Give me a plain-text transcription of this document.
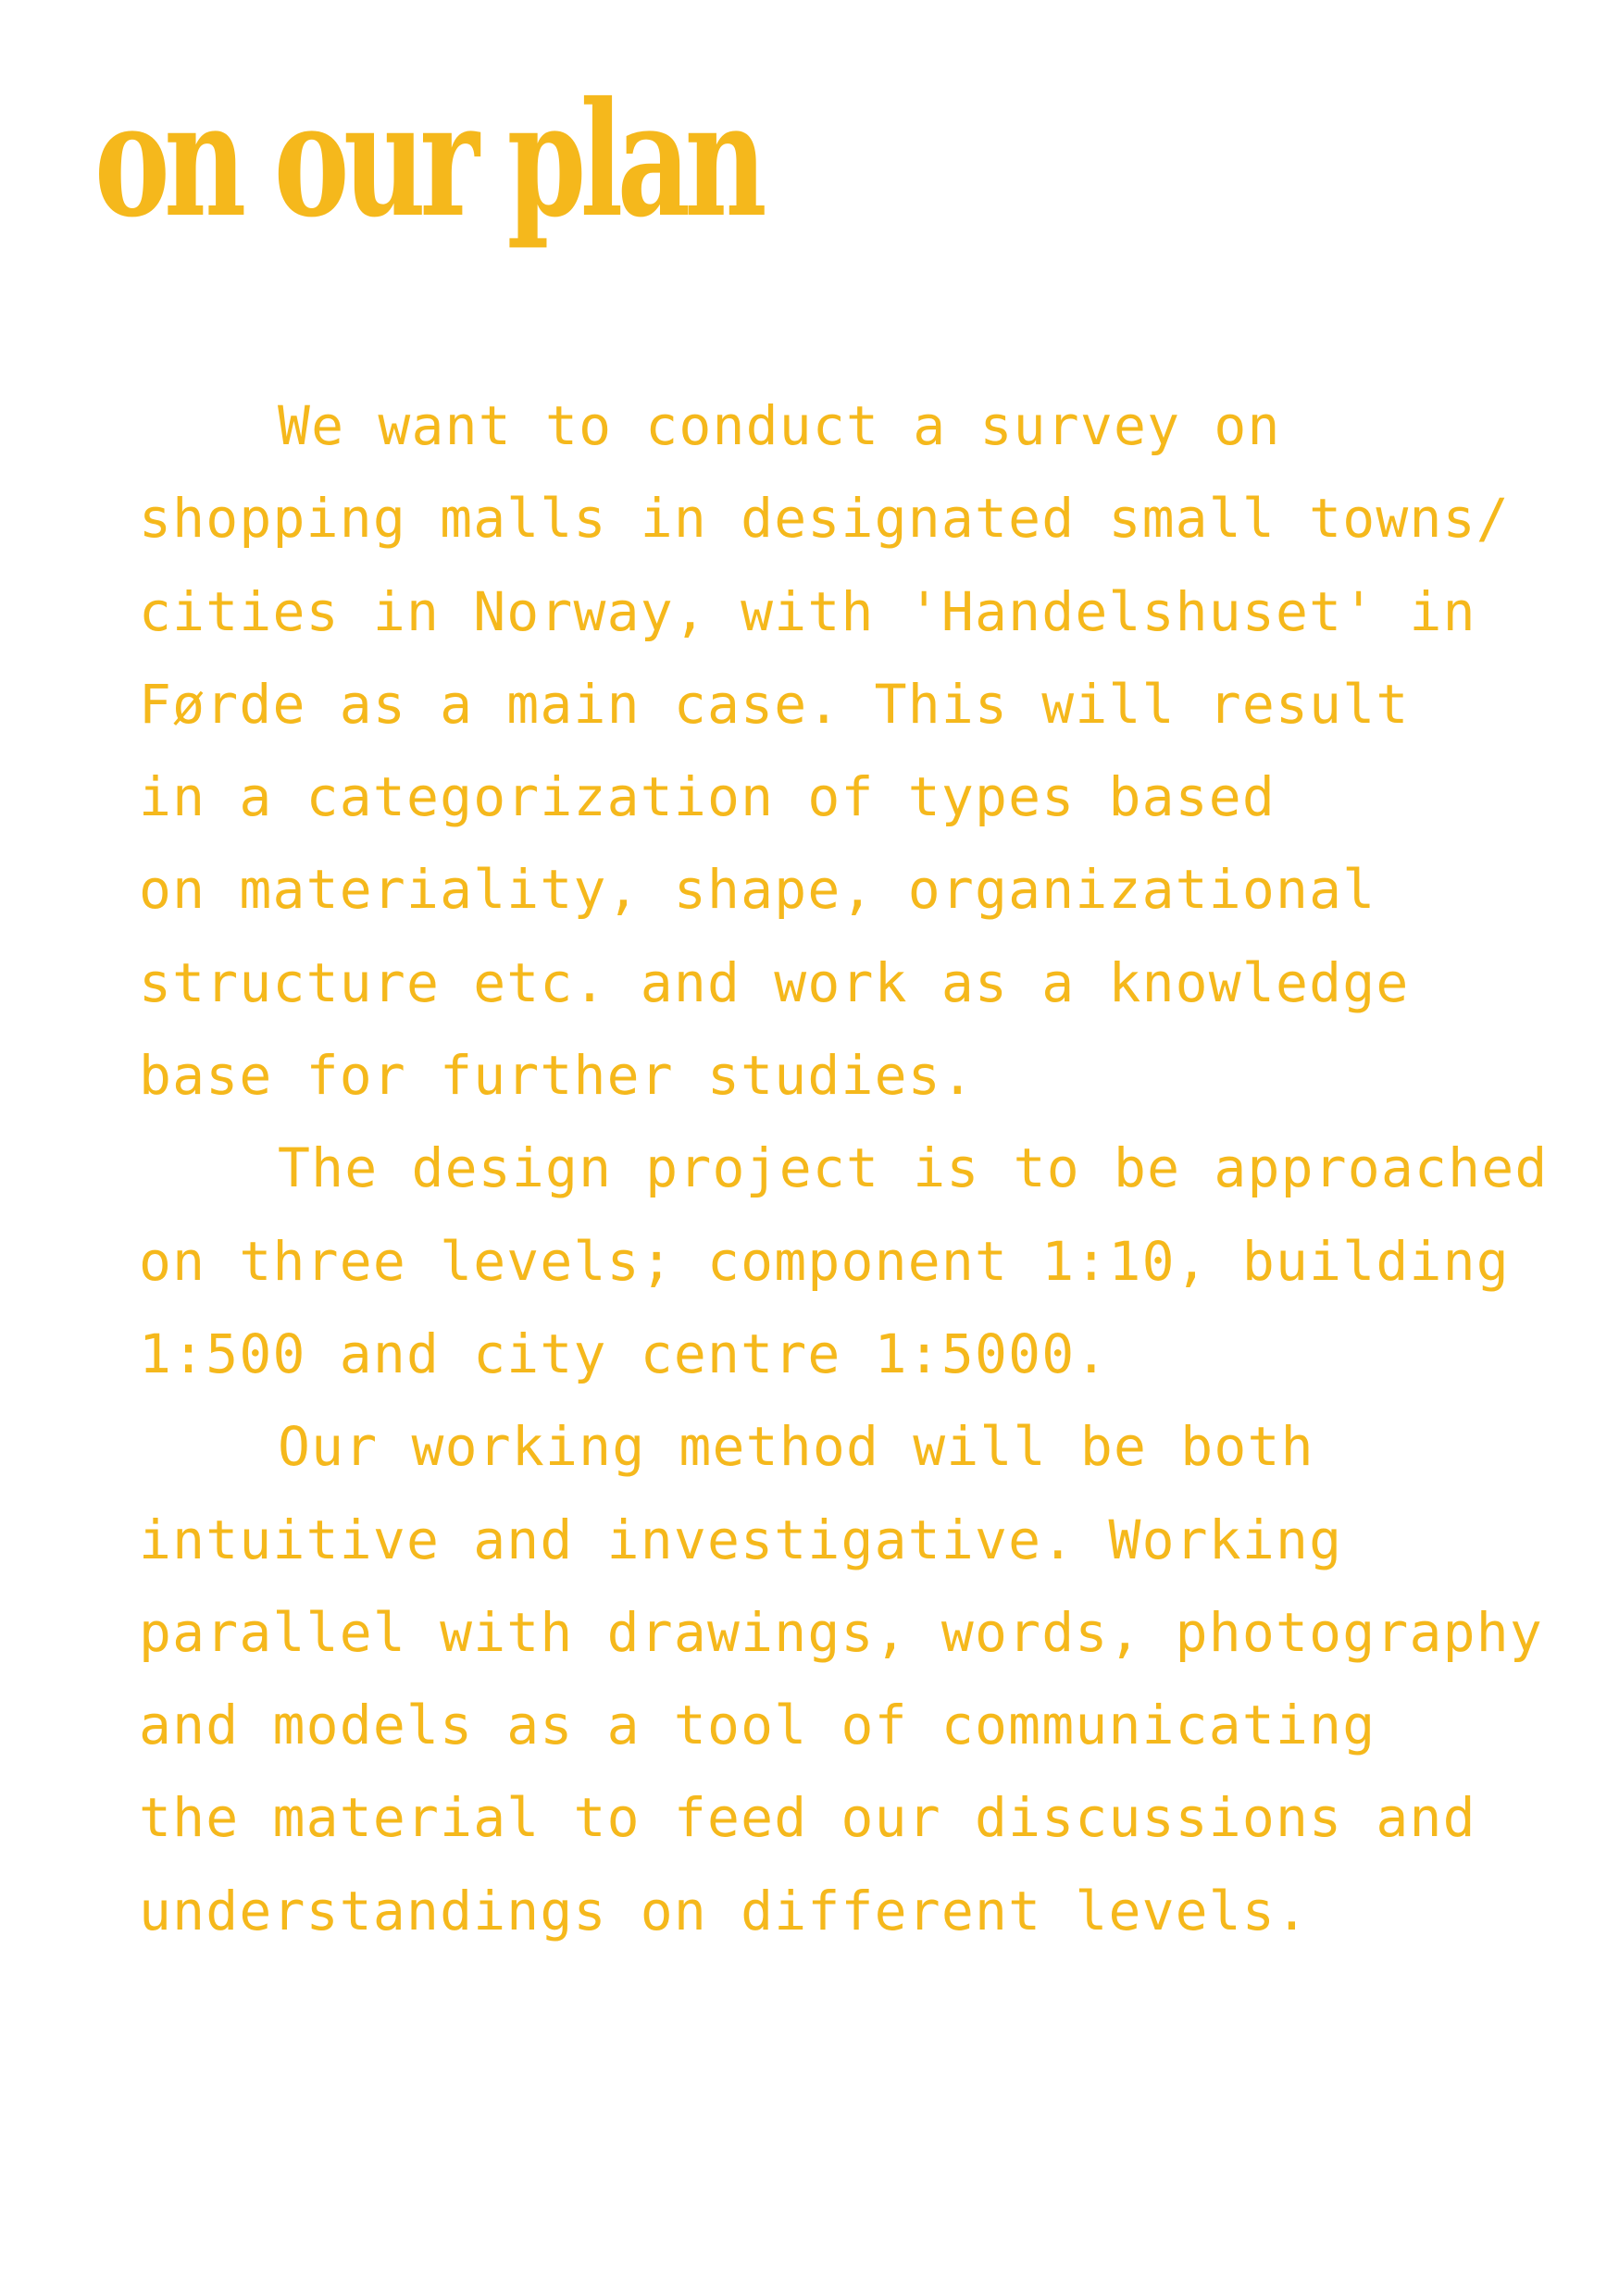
on our plan
We want to conduct a survey on
shopping malls in designated small towns/
cities in Norway, with 'Handelshuset' in
Førde as a main case. This will result
in a categorization of types based
on materiality, shape, organizational
structure etc. and work as a knowledge
base for further studies.
The design project is to be approached
on three levels; component 1:10, building
1:500 and city centre 1:5000.
Our working method will be both
intuitive and investigative. Working
parallel with drawings, words, photography
and models as a tool of communicating
the material to feed our discussions and
understandings on different levels.
